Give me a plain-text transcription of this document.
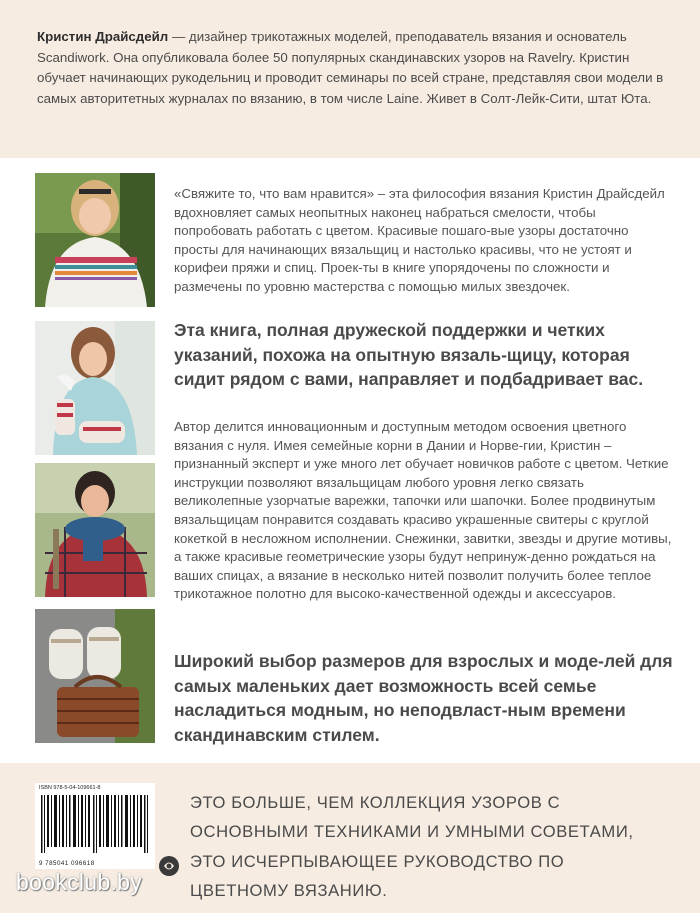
Кристин Драйсдейл — дизайнер трикотажных моделей, преподаватель вязания и основатель Scandiwork. Она опубликовала более 50 популярных скандинавских узоров на Ravelry. Кристин обучает начинающих рукодельниц и проводит семинары по всей стране, представляя свои модели в самых авторитетных журналах по вязанию, в том числе Laine. Живет в Солт-Лейк-Сити, штат Юта.
«Свяжите то, что вам нравится» – эта философия вязания Кристин Драйсдейл вдохновляет самых неопытных наконец набраться смелости, чтобы попробовать работать с цветом. Красивые пошаго-вые узоры достаточно просты для начинающих вязальщиц и настолько красивы, что не устоят и корифеи пряжи и спиц. Проек-ты в книге упорядочены по сложности и размечены по уровню мастерства с помощью милых звездочек.
Эта книга, полная дружеской поддержки и четких указаний, похожа на опытную вязаль-щицу, которая сидит рядом с вами, направляет и подбадривает вас.
Автор делится инновационным и доступным методом освоения цветного вязания с нуля. Имея семейные корни в Дании и Норве-гии, Кристин – признанный эксперт и уже много лет обучает новичков работе с цветом. Четкие инструкции позволяют вязальщицам любого уровня легко связать великолепные узорчатые варежки, тапочки или шапочки. Более продвинутым вязальщицам понравится создавать красиво украшенные свитеры с круглой кокеткой в несложном исполнении. Снежинки, завитки, звезды и другие мотивы, а также красивые геометрические узоры будут непринуж-денно рождаться на ваших спицах, а вязание в несколько нитей позволит получить более теплое трикотажное полотно для высоко-качественной одежды и аксессуаров.
Широкий выбор размеров для взрослых и моде-лей для самых маленьких дает возможность всей семье насладиться модным, но неподвласт-ным времени скандинавским стилем.
ISBN 978-5-04-109661-8
9 785041 096618
ЭТО БОЛЬШЕ, ЧЕМ КОЛЛЕКЦИЯ УЗОРОВ С ОСНОВНЫМИ ТЕХНИКАМИ И УМНЫМИ СОВЕТАМИ, ЭТО ИСЧЕРПЫВАЮЩЕЕ РУКОВОДСТВО ПО ЦВЕТНОМУ ВЯЗАНИЮ.
bookclub.by
